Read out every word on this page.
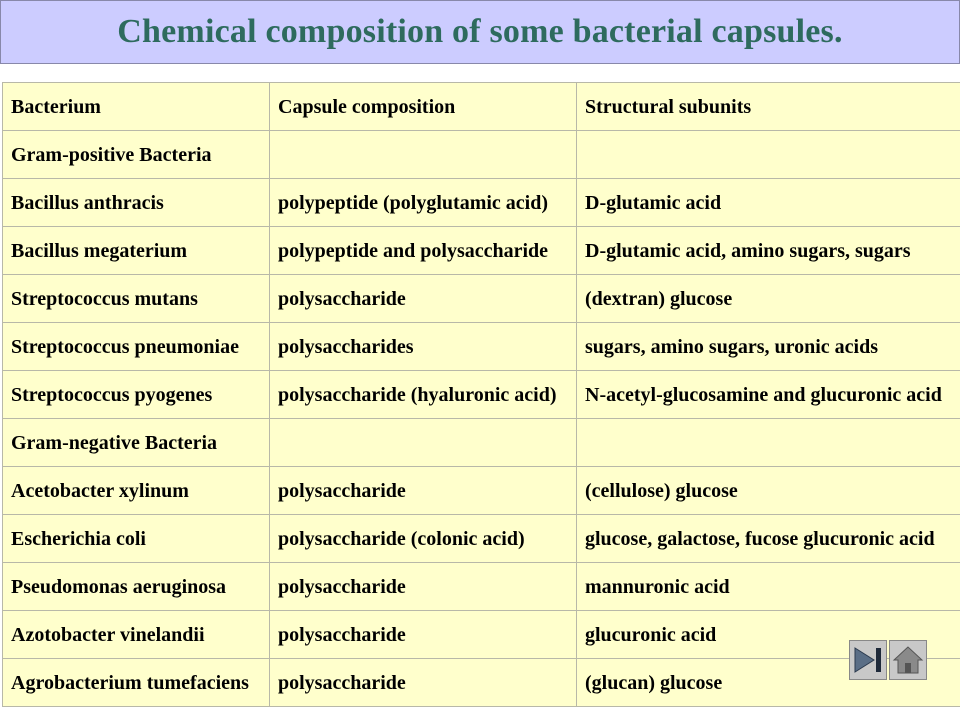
Chemical composition of some bacterial capsules.
Bacterium	Capsule composition	Structural subunits
Gram-positive Bacteria		
Bacillus anthracis	polypeptide (polyglutamic acid)	D-glutamic acid
Bacillus megaterium	polypeptide and polysaccharide	D-glutamic acid, amino sugars, sugars
Streptococcus mutans	polysaccharide	(dextran) glucose
Streptococcus pneumoniae	polysaccharides	sugars, amino sugars, uronic acids
Streptococcus pyogenes	polysaccharide (hyaluronic acid)	N-acetyl-glucosamine and glucuronic acid
Gram-negative Bacteria		
Acetobacter xylinum	polysaccharide	(cellulose) glucose
Escherichia coli	polysaccharide (colonic acid)	glucose, galactose, fucose glucuronic acid
Pseudomonas aeruginosa	polysaccharide	mannuronic acid
Azotobacter vinelandii	polysaccharide	glucuronic acid
Agrobacterium tumefaciens	polysaccharide	(glucan) glucose
